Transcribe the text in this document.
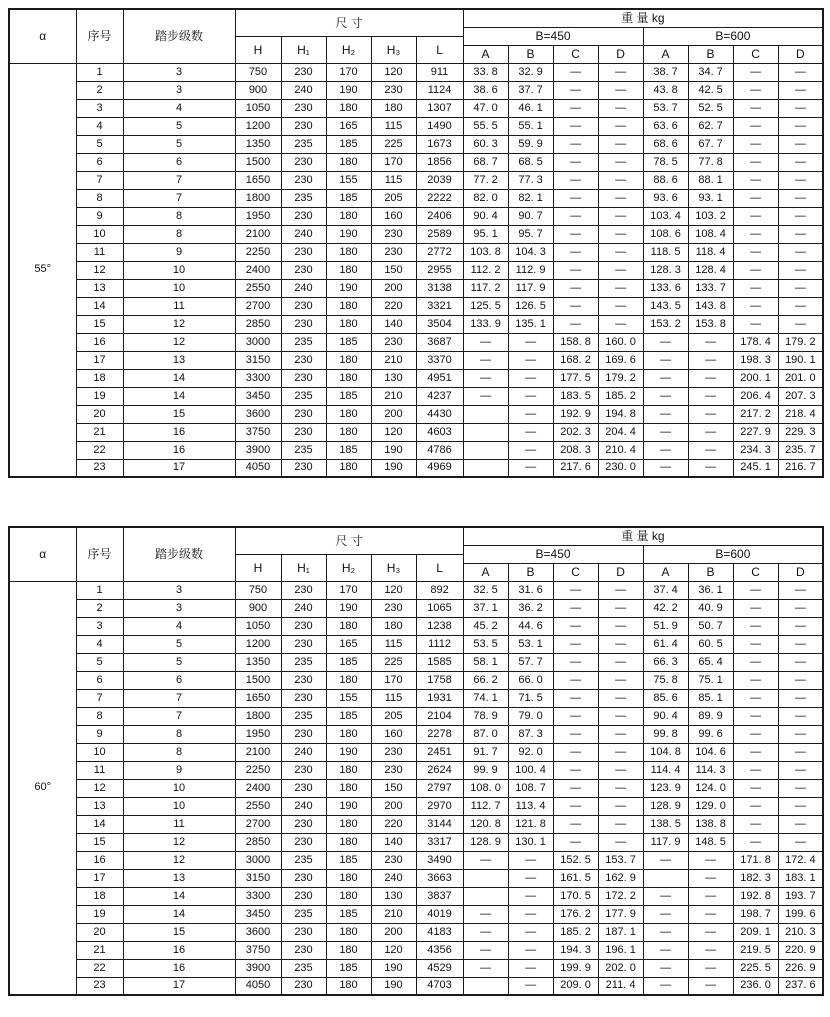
α	序号	踏步级数	尺 寸					重 量 kg							

								B=450				B=600			
			H	H₁	H₂	H₃	L								
								A	B	C	D	A	B	C	D

55°	1	3	750	230	170	120	911	33. 8	32. 9	—	—	38. 7	34. 7	—	—
	2	3	900	240	190	230	1124	38. 6	37. 7	—	—	43. 8	42. 5	—	—
	3	4	1050	230	180	180	1307	47. 0	46. 1	—	—	53. 7	52. 5	—	—
	4	5	1200	230	165	115	1490	55. 5	55. 1	—	—	63. 6	62. 7	—	—
	5	5	1350	235	185	225	1673	60. 3	59. 9	—	—	68. 6	67. 7	—	—
	6	6	1500	230	180	170	1856	68. 7	68. 5	—	—	78. 5	77. 8	—	—
	7	7	1650	230	155	115	2039	77. 2	77. 3	—	—	88. 6	88. 1	—	—
	8	7	1800	235	185	205	2222	82. 0	82. 1	—	—	93. 6	93. 1	—	—
	9	8	1950	230	180	160	2406	90. 4	90. 7	—	—	103. 4	103. 2	—	—
	10	8	2100	240	190	230	2589	95. 1	95. 7	—	—	108. 6	108. 4	—	—
	11	9	2250	230	180	230	2772	103. 8	104. 3	—	—	118. 5	118. 4	—	—
	12	10	2400	230	180	150	2955	112. 2	112. 9	—	—	128. 3	128. 4	—	—
	13	10	2550	240	190	200	3138	117. 2	117. 9	—	—	133. 6	133. 7	—	—
	14	11	2700	230	180	220	3321	125. 5	126. 5	—	—	143. 5	143. 8	—	—
	15	12	2850	230	180	140	3504	133. 9	135. 1	—	—	153. 2	153. 8	—	—
	16	12	3000	235	185	230	3687	—	—	158. 8	160. 0	—	—	178. 4	179. 2
	17	13	3150	230	180	210	3370	—	—	168. 2	169. 6	—	—	198. 3	190. 1
	18	14	3300	230	180	130	4951	—	—	177. 5	179. 2	—	—	200. 1	201. 0
	19	14	3450	235	185	210	4237	—	—	183. 5	185. 2	—	—	206. 4	207. 3
	20	15	3600	230	180	200	4430		—	192. 9	194. 8	—	—	217. 2	218. 4
	21	16	3750	230	180	120	4603		—	202. 3	204. 4	—	—	227. 9	229. 3
	22	16	3900	235	185	190	4786		—	208. 3	210. 4	—	—	234. 3	235. 7
	23	17	4050	230	180	190	4969		—	217. 6	230. 0	—	—	245. 1	216. 7
α	序号	踏步级数	尺 寸					重 量 kg							

								B=450				B=600			
			H	H₁	H₂	H₃	L								
								A	B	C	D	A	B	C	D

60°	1	3	750	230	170	120	892	32. 5	31. 6	—	—	37. 4	36. 1	—	—
	2	3	900	240	190	230	1065	37. 1	36. 2	—	—	42. 2	40. 9	—	—
	3	4	1050	230	180	180	1238	45. 2	44. 6	—	—	51. 9	50. 7	—	—
	4	5	1200	230	165	115	1112	53. 5	53. 1	—	—	61. 4	60. 5	—	—
	5	5	1350	235	185	225	1585	58. 1	57. 7	—	—	66. 3	65. 4	—	—
	6	6	1500	230	180	170	1758	66. 2	66. 0	—	—	75. 8	75. 1	—	—
	7	7	1650	230	155	115	1931	74. 1	71. 5	—	—	85. 6	85. 1	—	—
	8	7	1800	235	185	205	2104	78. 9	79. 0	—	—	90. 4	89. 9	—	—
	9	8	1950	230	180	160	2278	87. 0	87. 3	—	—	99. 8	99. 6	—	—
	10	8	2100	240	190	230	2451	91. 7	92. 0	—	—	104. 8	104. 6	—	—
	11	9	2250	230	180	230	2624	99. 9	100. 4	—	—	114. 4	114. 3	—	—
	12	10	2400	230	180	150	2797	108. 0	108. 7	—	—	123. 9	124. 0	—	—
	13	10	2550	240	190	200	2970	112. 7	113. 4	—	—	128. 9	129. 0	—	—
	14	11	2700	230	180	220	3144	120. 8	121. 8	—	—	138. 5	138. 8	—	—
	15	12	2850	230	180	140	3317	128. 9	130. 1	—	—	117. 9	148. 5	—	—
	16	12	3000	235	185	230	3490	—	—	152. 5	153. 7	—	—	171. 8	172. 4
	17	13	3150	230	180	240	3663		—	161. 5	162. 9		—	182. 3	183. 1
	18	14	3300	230	180	130	3837		—	170. 5	172. 2	—	—	192. 8	193. 7
	19	14	3450	235	185	210	4019	—	—	176. 2	177. 9	—	—	198. 7	199. 6
	20	15	3600	230	180	200	4183	—	—	185. 2	187. 1	—	—	209. 1	210. 3
	21	16	3750	230	180	120	4356	—	—	194. 3	196. 1	—	—	219. 5	220. 9
	22	16	3900	235	185	190	4529	—	—	199. 9	202. 0	—	—	225. 5	226. 9
	23	17	4050	230	180	190	4703		—	209. 0	211. 4	—	—	236. 0	237. 6
